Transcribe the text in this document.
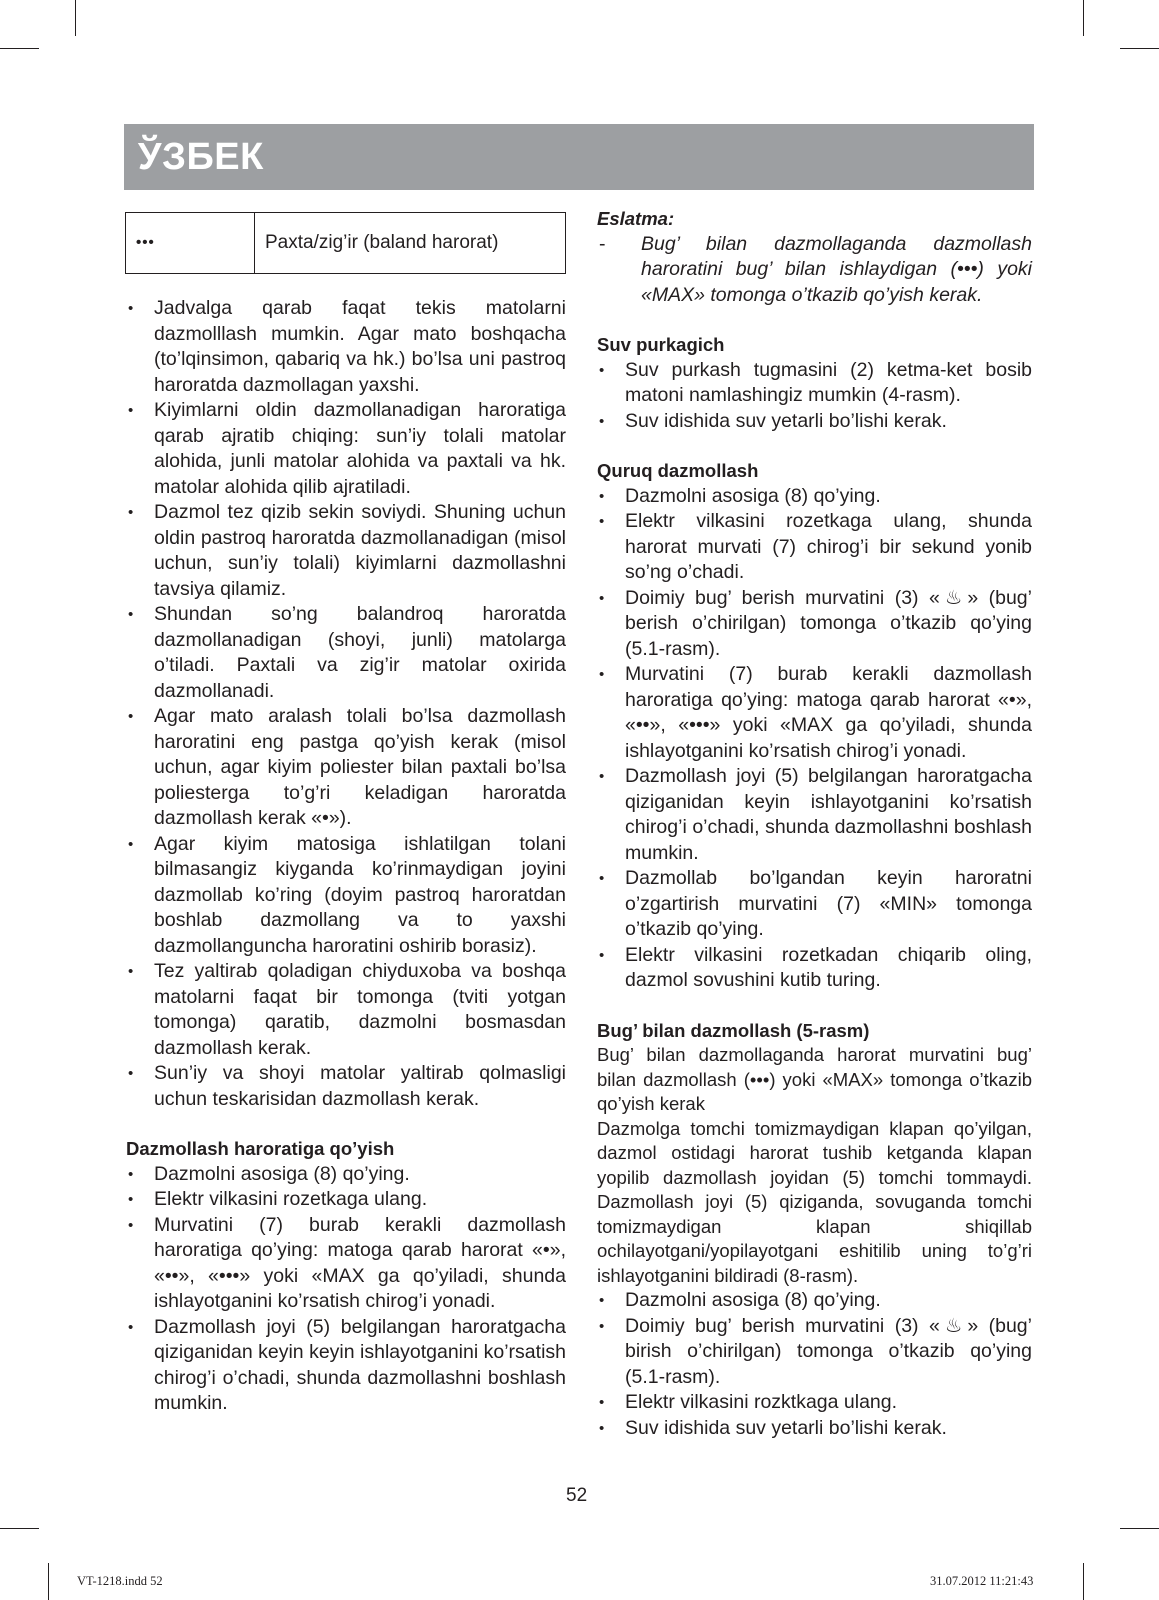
ЎЗБЕК
•••	Paxta/zig’ir (baland harorat)
• Jadvalga qarab faqat tekis matolarni dazmolllash mumkin. Agar mato boshqacha (to’lqinsimon, qabariq va hk.) bo’lsa uni pastroq haroratda dazmollagan yaxshi.
• Kiyimlarni oldin dazmollanadigan haroratiga qarab ajratib chiqing: sun’iy tolali matolar alohida, junli matolar alohida va paxtali va hk. matolar alohida qilib ajratiladi.
• Dazmol tez qizib sekin soviydi. Shuning uchun oldin pastroq haroratda dazmollanadigan (misol uchun, sun’iy tolali) kiyimlarni dazmollashni tavsiya qilamiz.
• Shundan so’ng balandroq haroratda dazmollanadigan (shoyi, junli) matolarga o’tiladi. Paxtali va zig’ir matolar oxirida dazmollanadi.
• Agar mato aralash tolali bo’lsa dazmollash haroratini eng pastga qo’yish kerak (misol uchun, agar kiyim poliester bilan paxtali bo’lsa poliesterga to’g’ri keladigan haroratda dazmollash kerak «•»).
• Agar kiyim matosiga ishlatilgan tolani bilmasangiz kiyganda ko’rinmaydigan joyini dazmollab ko’ring (doyim pastroq haroratdan boshlab dazmollang va to yaxshi dazmollanguncha haroratini oshirib borasiz).
• Tez yaltirab qoladigan chiyduxoba va boshqa matolarni faqat bir tomonga (tviti yotgan tomonga) qaratib, dazmolni bosmasdan dazmollash kerak.
• Sun’iy va shoyi matolar yaltirab qolmasligi uchun teskarisidan dazmollash kerak.
Dazmollash haroratiga qo’yish
• Dazmolni asosiga (8) qo’ying.
• Elektr vilkasini rozetkaga ulang.
• Murvatini (7) burab kerakli dazmollash haroratiga qo’ying: matoga qarab harorat «•», «••», «•••» yoki «MAX ga qo’yiladi, shunda ishlayotganini ko’rsatish chirog’i yonadi.
• Dazmollash joyi (5) belgilangan haroratgacha qiziganidan keyin keyin ishlayotganini ko’rsatish chirog’i o’chadi, shunda dazmollashni boshlash mumkin.
Eslatma:
- Bug’ bilan dazmollaganda dazmollash haroratini bug’ bilan ishlaydigan (•••) yoki «MAX» tomonga o’tkazib qo’yish kerak.
Suv purkagich
• Suv purkash tugmasini (2) ketma-ket bosib matoni namlashingiz mumkin (4-rasm).
• Suv idishida suv yetarli bo’lishi kerak.
Quruq dazmollash
• Dazmolni asosiga (8) qo’ying.
• Elektr vilkasini rozetkaga ulang, shunda harorat murvati (7) chirog’i bir sekund yonib so’ng o’chadi.
• Doimiy bug’ berish murvatini (3) «♨» (bug’ berish o’chirilgan) tomonga o’tkazib qo’ying (5.1-rasm).
• Murvatini (7) burab kerakli dazmollash haroratiga qo’ying: matoga qarab harorat «•», «••», «•••» yoki «MAX ga qo’yiladi, shunda ishlayotganini ko’rsatish chirog’i yonadi.
• Dazmollash joyi (5) belgilangan haroratgacha qiziganidan keyin ishlayotganini ko’rsatish chirog’i o’chadi, shunda dazmollashni boshlash mumkin.
• Dazmollab bo’lgandan keyin haroratni o’zgartirish murvatini (7) «MIN» tomonga o’tkazib qo’ying.
• Elektr vilkasini rozetkadan chiqarib oling, dazmol sovushini kutib turing.
Bug’ bilan dazmollash (5-rasm)
Bug’ bilan dazmollaganda harorat murvatini bug’ bilan dazmollash (•••) yoki «MAX» tomonga o’tkazib qo’yish kerak
Dazmolga tomchi tomizmaydigan klapan qo’yilgan, dazmol ostidagi harorat tushib ketganda klapan yopilib dazmollash joyidan (5) tomchi tommaydi. Dazmollash joyi (5) qiziganda, sovuganda tomchi tomizmaydigan klapan shiqillab ochilayotgani/yopilayotgani eshitilib uning to’g’ri ishlayotganini bildiradi (8-rasm).
• Dazmolni asosiga (8) qo’ying.
• Doimiy bug’ berish murvatini (3) «♨» (bug’ birish o’chirilgan) tomonga o’tkazib qo’ying (5.1-rasm).
• Elektr vilkasini rozktkaga ulang.
• Suv idishida suv yetarli bo’lishi kerak.
52
VT-1218.indd 52	31.07.2012 11:21:43
